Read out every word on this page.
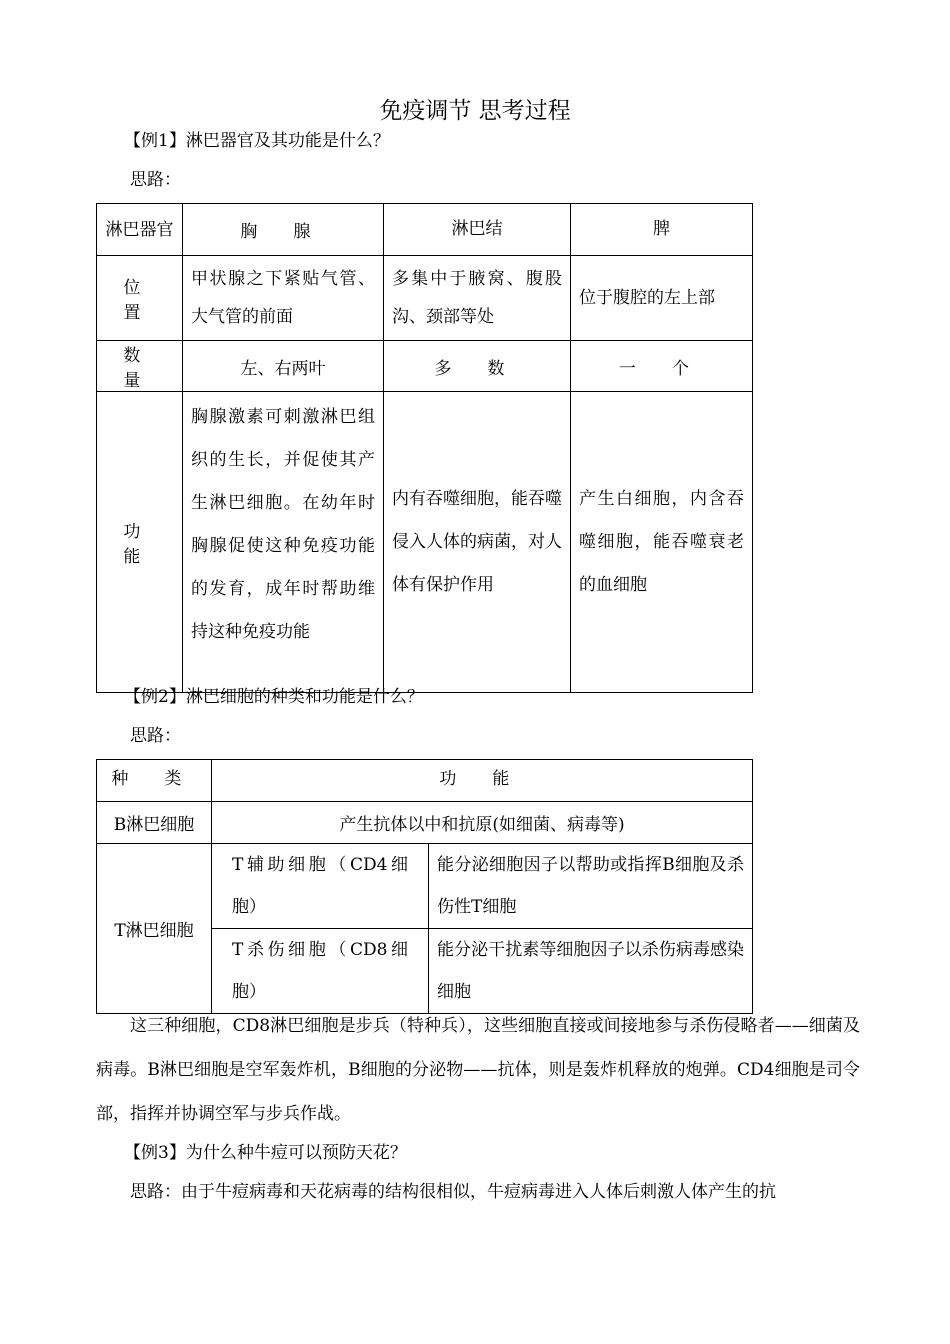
免疫调节 思考过程
【例1】淋巴器官及其功能是什么？
思路：
淋巴器官	胸 腺	淋巴结	脾
位 置	甲状腺之下紧贴气管、大气管的前面	多集中于腋窝、腹股沟、颈部等处	位于腹腔的左上部

数 量	左、右两叶	多 数	一 个
功 能	胸腺激素可刺激淋巴组织的生长，并促使其产生淋巴细胞。在幼年时胸腺促使这种免疫功能的发育，成年时帮助维持这种免疫功能	内有吞噬细胞，能吞噬侵入人体的病菌，对人体有保护作用	产生白细胞，内含吞噬细胞，能吞噬衰老的血细胞
【例2】淋巴细胞的种类和功能是什么？
思路：
种 类	功 能	
B淋巴细胞	产生抗体以中和抗原(如细菌、病毒等)	
T淋巴细胞	T辅助细胞（CD4细胞）	能分泌细胞因子以帮助或指挥B细胞及杀伤性T细胞

	T杀伤细胞（CD8细胞）	能分泌干扰素等细胞因子以杀伤病毒感染细胞
这三种细胞，CD8淋巴细胞是步兵（特种兵），这些细胞直接或间接地参与杀伤侵略者——细菌及病毒。B淋巴细胞是空军轰炸机，B细胞的分泌物——抗体，则是轰炸机释放的炮弹。CD4细胞是司令部，指挥并协调空军与步兵作战。
【例3】为什么种牛痘可以预防天花？
思路：由于牛痘病毒和天花病毒的结构很相似，牛痘病毒进入人体后刺激人体产生的抗
